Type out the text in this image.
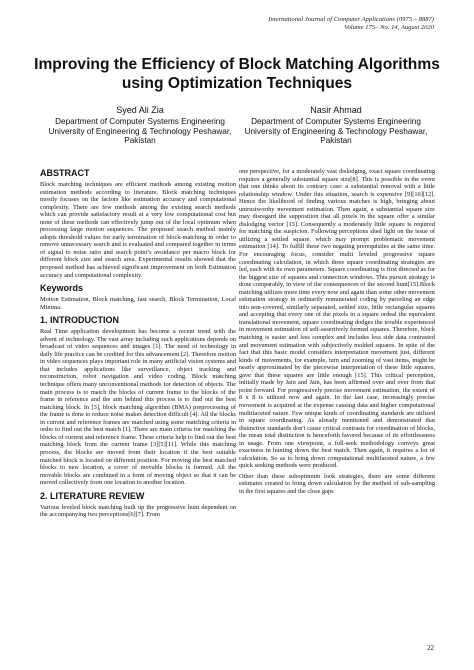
International Journal of Computer Applications (0975 – 8887)
Volume 175– No. 14, August 2020
Improving the Efficiency of Block Matching Algorithms
using Optimization Techniques
Syed Ali Zia
Department of Computer Systems Engineering
University of Engineering & Technology Peshawar,
Pakistan
Nasir Ahmad
Department of Computer Systems Engineering
University of Engineering & Technology Peshawar,
Pakistan
ABSTRACT

Block matching techniques are efficient methods among existing motion estimation methods according to literature. Block matching techniques mostly focuses on the factors like estimation accuracy and computational complexity. There are few methods among the existing search methods which can provide satisfactory result at a very low computational cost but none of these methods can effectively jump out of the local optimum when processing large motion sequences. The proposed search method mainly adopts threshold values for early termination of block-matching in order to remove unnecessary search and is evaluated and compared together in terms of signal to noise ratio and search point’s avoidance per macro block for different block size and search area. Experimental results showed that the proposed method has achieved significant improvement on both Estimation accuracy and computational complexity.

Keywords

Motion Estimation, Block matching, fast search, Block Termination, Local Minima.

1. INTRODUCTION

Real Time application development has become a recent trend with the advent of technology. The vast array including such applications depends on broadcast of video sequences and images [1]. The need of technology in daily life practice can be credited for this advancement [2]. Therefore motion in video sequences plays important role in many artificial vision systems and that includes applications like surveillance, object tracking and reconstruction, robot navigation and video coding. Block matching technique offers many unconventional methods for detection of objects. The main process is to match the blocks of current frame to the blocks of the frame in reference and the aim behind this process is to find out the best matching block. In [3], block matching algorithm (BMA) preprocessing of the frame is done to reduce noise makes detection difficult [4]. All the blocks in current and reference frames are matched using some matching criteria in order to find out the best match [1]. There are main criteria for matching the blocks of current and reference frame. These criteria help to find out the best matching block from the current frame [3][5][11]. While this matching process, the blocks are moved from their location if the best suitable matched block is located on different position. For moving the best matched blocks to new location, a cover of movable blocks is formed. All the movable blocks are combined in a form of moving object so that it can be moved collectively from one location to another location.

2. LITERATURE REVIEW

Various leveled block matching built up the progressive hunt dependent on the accompanying two perceptions[6][7]. From

one perspective, for a moderately vast dislodging, exact square coordinating requires a generally substantial square size[8]. This is possible in the event that one thinks about its contrary case: a substantial removal with a little relationship window. Under this situation, search is expensive [9][10][12]. Hence the likelihood of finding various matches is high, bringing about untrustworthy movement estimation. Then again, a substantial square size may disregard the supposition that all pixels in the square offer a similar dislodging vector [13]. Consequently a moderately little square is required for matching the suspicion. Following perceptions shed light on the issue of utilizing a settled square, which may prompt problematic movement estimation [14]. To fulfill these two negating prerequisites at the same time. For encouraging focus, consider multi leveled progressive square coordinating calculation, in which three square coordinating strategies are led, each with its own parameters. Square coordinating is first directed as for the biggest size of squares and connection windows. This pursuit strategy is done comparably, in view of the consequences of the second hunt[15].Block matching utilizes more time every now and again than some other movement estimation strategy in ordinarily remunerated coding by parceling an edge into non-covered, similarly separated, settled size, little rectangular squares and accepting that every one of the pixels in a square ordeal the equivalent translational movement, square coordinating dodges the trouble experienced in movement estimation of self-assertively formed squares. Therefore, block matching is easier and less complex and includes less side data contrasted and movement estimation with subjectively molded squares. In spite of the fact that this basic model considers interpretation movement just, different kinds of movements, for example, turn and zooming of vast items, might be nearly approximated by the piecewise interpretation of these little squares, gave that these squares are little enough [15]. This critical perception, initially made by Jain and Jain, has been affirmed over and over from that point forward. For progressively precise movement estimation, the extent of 8 x 8 is utilized now and again. In the last case, increasingly precise movement is acquired at the expense causing data and higher computational multifaceted nature. Few unique kinds of coordinating standards are utilized in square coordinating. As already mentioned and demonstrated that distinctive standards don't cause critical contrasts for coordination of blocks, the mean total distinction is henceforth favored because of its effortlessness in usage. From one viewpoint, a full-seek methodology conveys great exactness in hunting down the best match. Then again, it requires a lot of calculation. So as to bring down computational multifaceted nature, a few quick seeking methods were produced.

Other than these suboptimum look strategies, there are some different estimates created to bring down calculation by the method of sub-sampling in the first squares and the close gaps

22
